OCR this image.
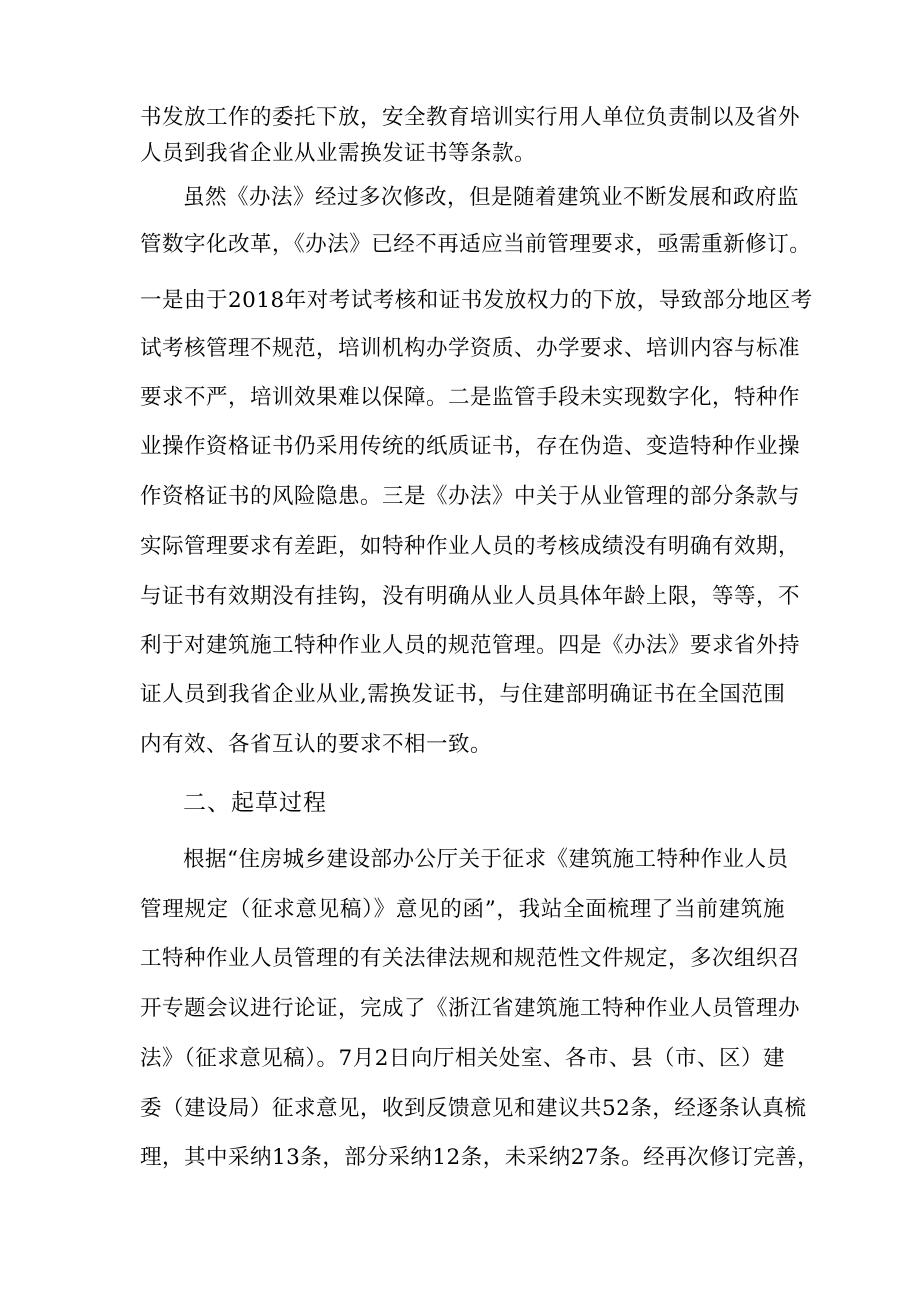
书发放工作的委托下放，安全教育培训实行用人单位负责制以及省外
人员到我省企业从业需换发证书等条款。
虽然《办法》经过多次修改，但是随着建筑业不断发展和政府监
管数字化改革，《办法》已经不再适应当前管理要求，亟需重新修订。
一是由于2018年对考试考核和证书发放权力的下放，导致部分地区考
试考核管理不规范，培训机构办学资质、办学要求、培训内容与标准
要求不严，培训效果难以保障。二是监管手段未实现数字化，特种作
业操作资格证书仍采用传统的纸质证书，存在伪造、变造特种作业操
作资格证书的风险隐患。三是《办法》中关于从业管理的部分条款与
实际管理要求有差距，如特种作业人员的考核成绩没有明确有效期，
与证书有效期没有挂钩，没有明确从业人员具体年龄上限，等等，不
利于对建筑施工特种作业人员的规范管理。四是《办法》要求省外持
证人员到我省企业从业,需换发证书，与住建部明确证书在全国范围
内有效、各省互认的要求不相一致。
二、起草过程
根据“住房城乡建设部办公厅关于征求《建筑施工特种作业人员
管理规定（征求意见稿）》意见的函”，我站全面梳理了当前建筑施
工特种作业人员管理的有关法律法规和规范性文件规定，多次组织召
开专题会议进行论证，完成了《浙江省建筑施工特种作业人员管理办
法》（征求意见稿）。7月2日向厅相关处室、各市、县（市、区）建
委（建设局）征求意见，收到反馈意见和建议共52条，经逐条认真梳
理，其中采纳13条，部分采纳12条，未采纳27条。经再次修订完善，
